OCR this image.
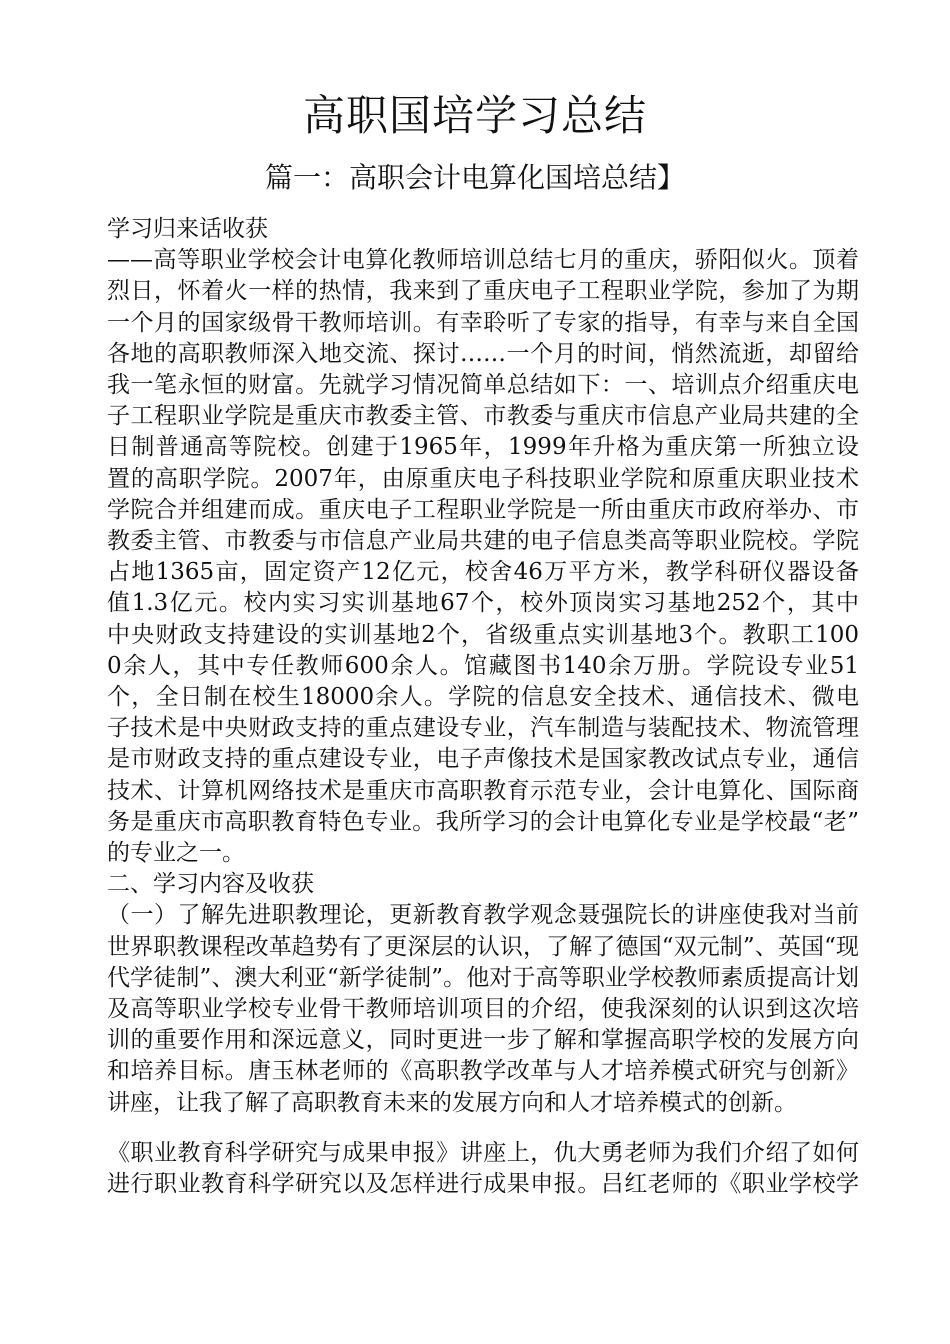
高职国培学习总结
篇一：高职会计电算化国培总结】
学习归来话收获
——高等职业学校会计电算化教师培训总结七月的重庆，骄阳似火。顶着
烈日，怀着火一样的热情，我来到了重庆电子工程职业学院，参加了为期
一个月的国家级骨干教师培训。有幸聆听了专家的指导，有幸与来自全国
各地的高职教师深入地交流、探讨……一个月的时间，悄然流逝，却留给
我一笔永恒的财富。先就学习情况简单总结如下：一、培训点介绍重庆电
子工程职业学院是重庆市教委主管、市教委与重庆市信息产业局共建的全
日制普通高等院校。创建于1965年，1999年升格为重庆第一所独立设
置的高职学院。2007年，由原重庆电子科技职业学院和原重庆职业技术
学院合并组建而成。重庆电子工程职业学院是一所由重庆市政府举办、市
教委主管、市教委与市信息产业局共建的电子信息类高等职业院校。学院
占地1365亩，固定资产12亿元，校舍46万平方米，教学科研仪器设备
值1.3亿元。校内实习实训基地67个，校外顶岗实习基地252个，其中
中央财政支持建设的实训基地2个，省级重点实训基地3个。教职工100
0余人，其中专任教师600余人。馆藏图书140余万册。学院设专业51
个，全日制在校生18000余人。学院的信息安全技术、通信技术、微电
子技术是中央财政支持的重点建设专业，汽车制造与装配技术、物流管理
是市财政支持的重点建设专业，电子声像技术是国家教改试点专业，通信
技术、计算机网络技术是重庆市高职教育示范专业，会计电算化、国际商
务是重庆市高职教育特色专业。我所学习的会计电算化专业是学校最“老”
的专业之一。
二、学习内容及收获
（一）了解先进职教理论，更新教育教学观念聂强院长的讲座使我对当前
世界职教课程改革趋势有了更深层的认识，了解了德国“双元制”、英国“现
代学徒制”、澳大利亚“新学徒制”。他对于高等职业学校教师素质提高计划
及高等职业学校专业骨干教师培训项目的介绍，使我深刻的认识到这次培
训的重要作用和深远意义，同时更进一步了解和掌握高职学校的发展方向
和培养目标。唐玉林老师的《高职教学改革与人才培养模式研究与创新》
讲座，让我了解了高职教育未来的发展方向和人才培养模式的创新。
《职业教育科学研究与成果申报》讲座上，仇大勇老师为我们介绍了如何
进行职业教育科学研究以及怎样进行成果申报。吕红老师的《职业学校学
